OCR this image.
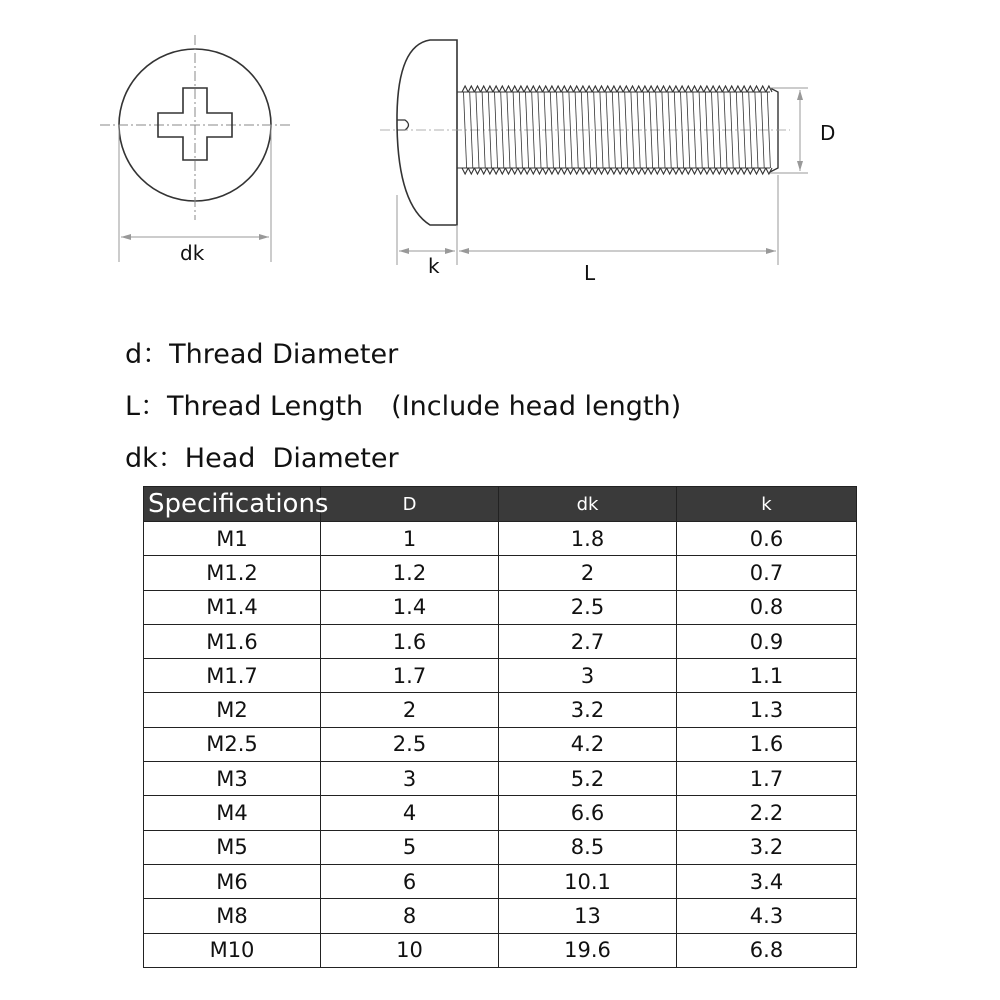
dk
D
k	L
d：Thread Diameter
L：Thread Length (Include head length)
dk：Head  Diameter
Specifications	D	dk	k
M1	1	1.8	0.6
M1.2	1.2	2	0.7
M1.4	1.4	2.5	0.8
M1.6	1.6	2.7	0.9
M1.7	1.7	3	1.1
M2	2	3.2	1.3
M2.5	2.5	4.2	1.6
M3	3	5.2	1.7
M4	4	6.6	2.2
M5	5	8.5	3.2
M6	6	10.1	3.4
M8	8	13	4.3
M10	10	19.6	6.8
